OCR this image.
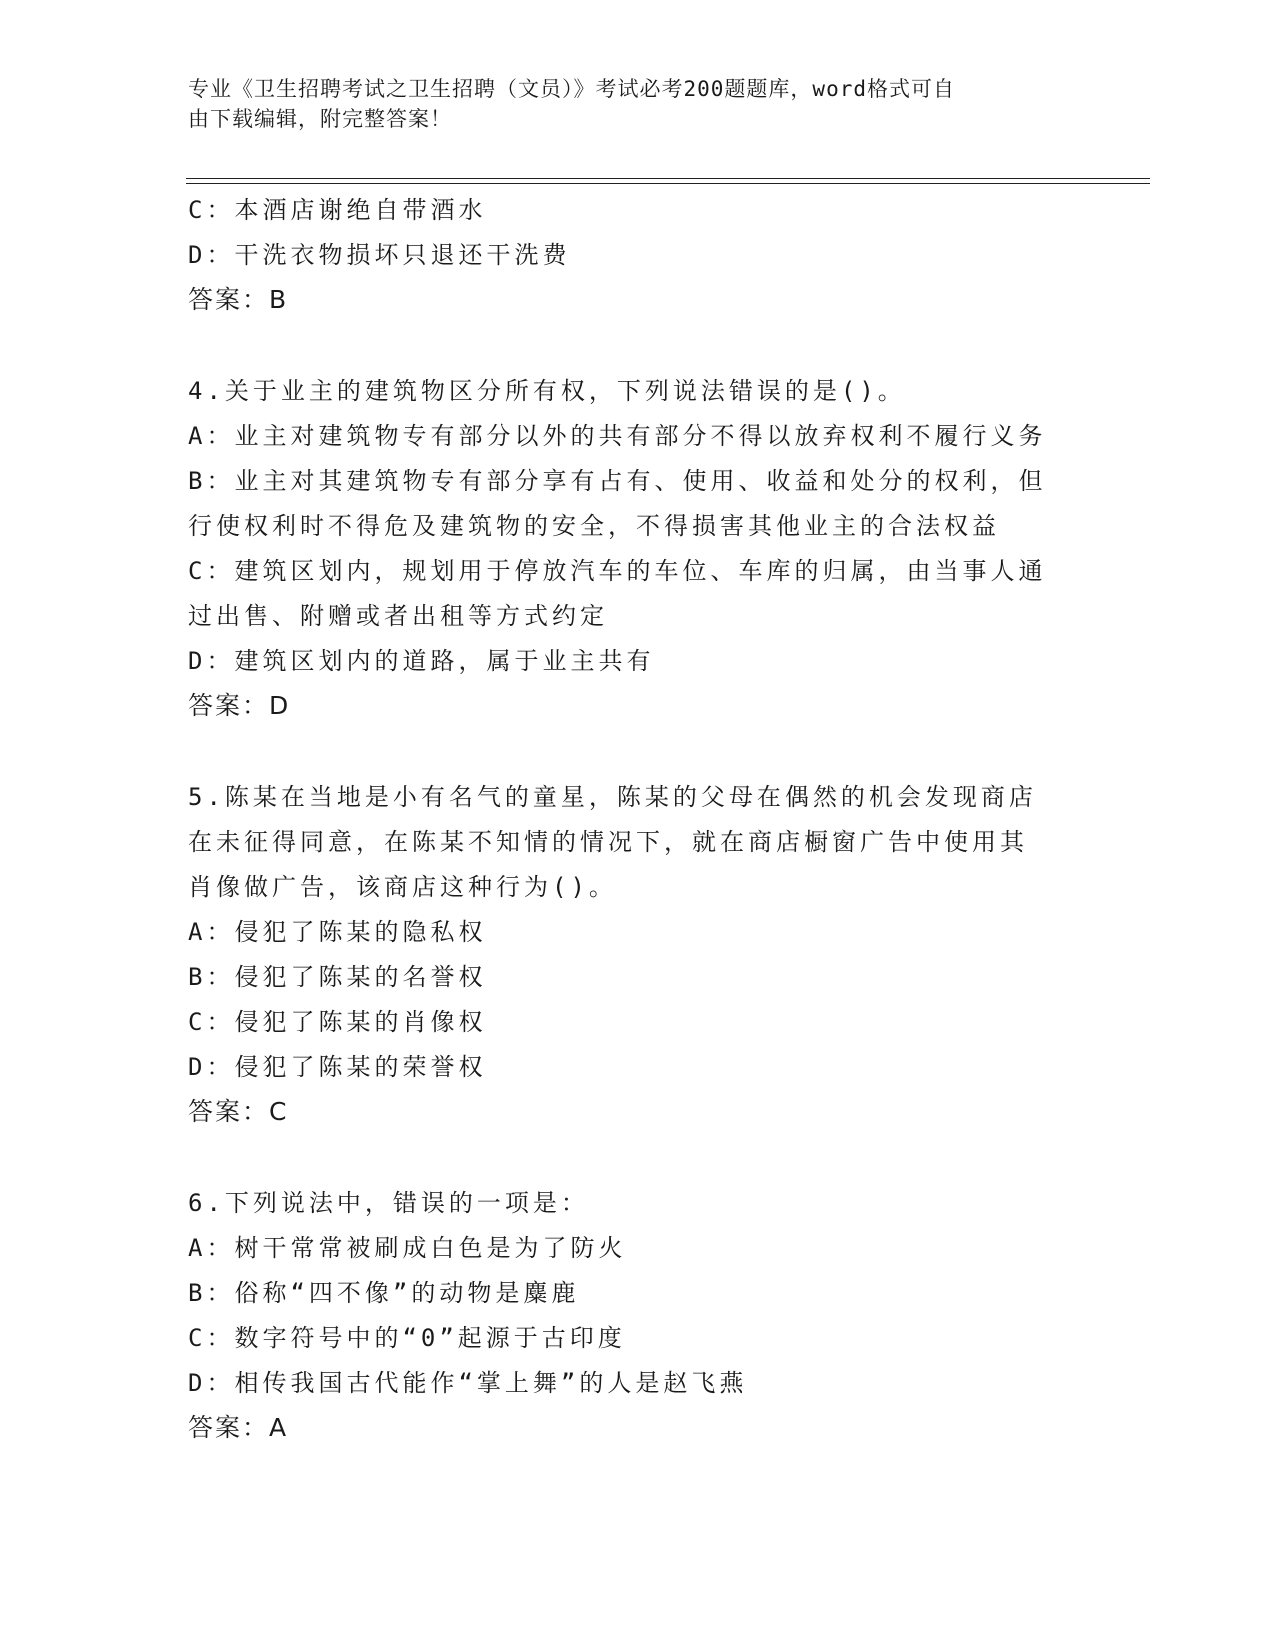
专业《卫生招聘考试之卫生招聘（文员）》考试必考200题题库，word格式可自
由下载编辑，附完整答案！
C：本酒店谢绝自带酒水
D：干洗衣物损坏只退还干洗费
答案：B
4.关于业主的建筑物区分所有权，下列说法错误的是()。
A：业主对建筑物专有部分以外的共有部分不得以放弃权利不履行义务
B：业主对其建筑物专有部分享有占有、使用、收益和处分的权利，但
行使权利时不得危及建筑物的安全，不得损害其他业主的合法权益
C：建筑区划内，规划用于停放汽车的车位、车库的归属，由当事人通
过出售、附赠或者出租等方式约定
D：建筑区划内的道路，属于业主共有
答案：D
5.陈某在当地是小有名气的童星，陈某的父母在偶然的机会发现商店
在未征得同意，在陈某不知情的情况下，就在商店橱窗广告中使用其
肖像做广告，该商店这种行为()。
A：侵犯了陈某的隐私权
B：侵犯了陈某的名誉权
C：侵犯了陈某的肖像权
D：侵犯了陈某的荣誉权
答案：C
6.下列说法中，错误的一项是：
A：树干常常被刷成白色是为了防火
B：俗称“四不像”的动物是麋鹿
C：数字符号中的“0”起源于古印度
D：相传我国古代能作“掌上舞”的人是赵飞燕
答案：A
